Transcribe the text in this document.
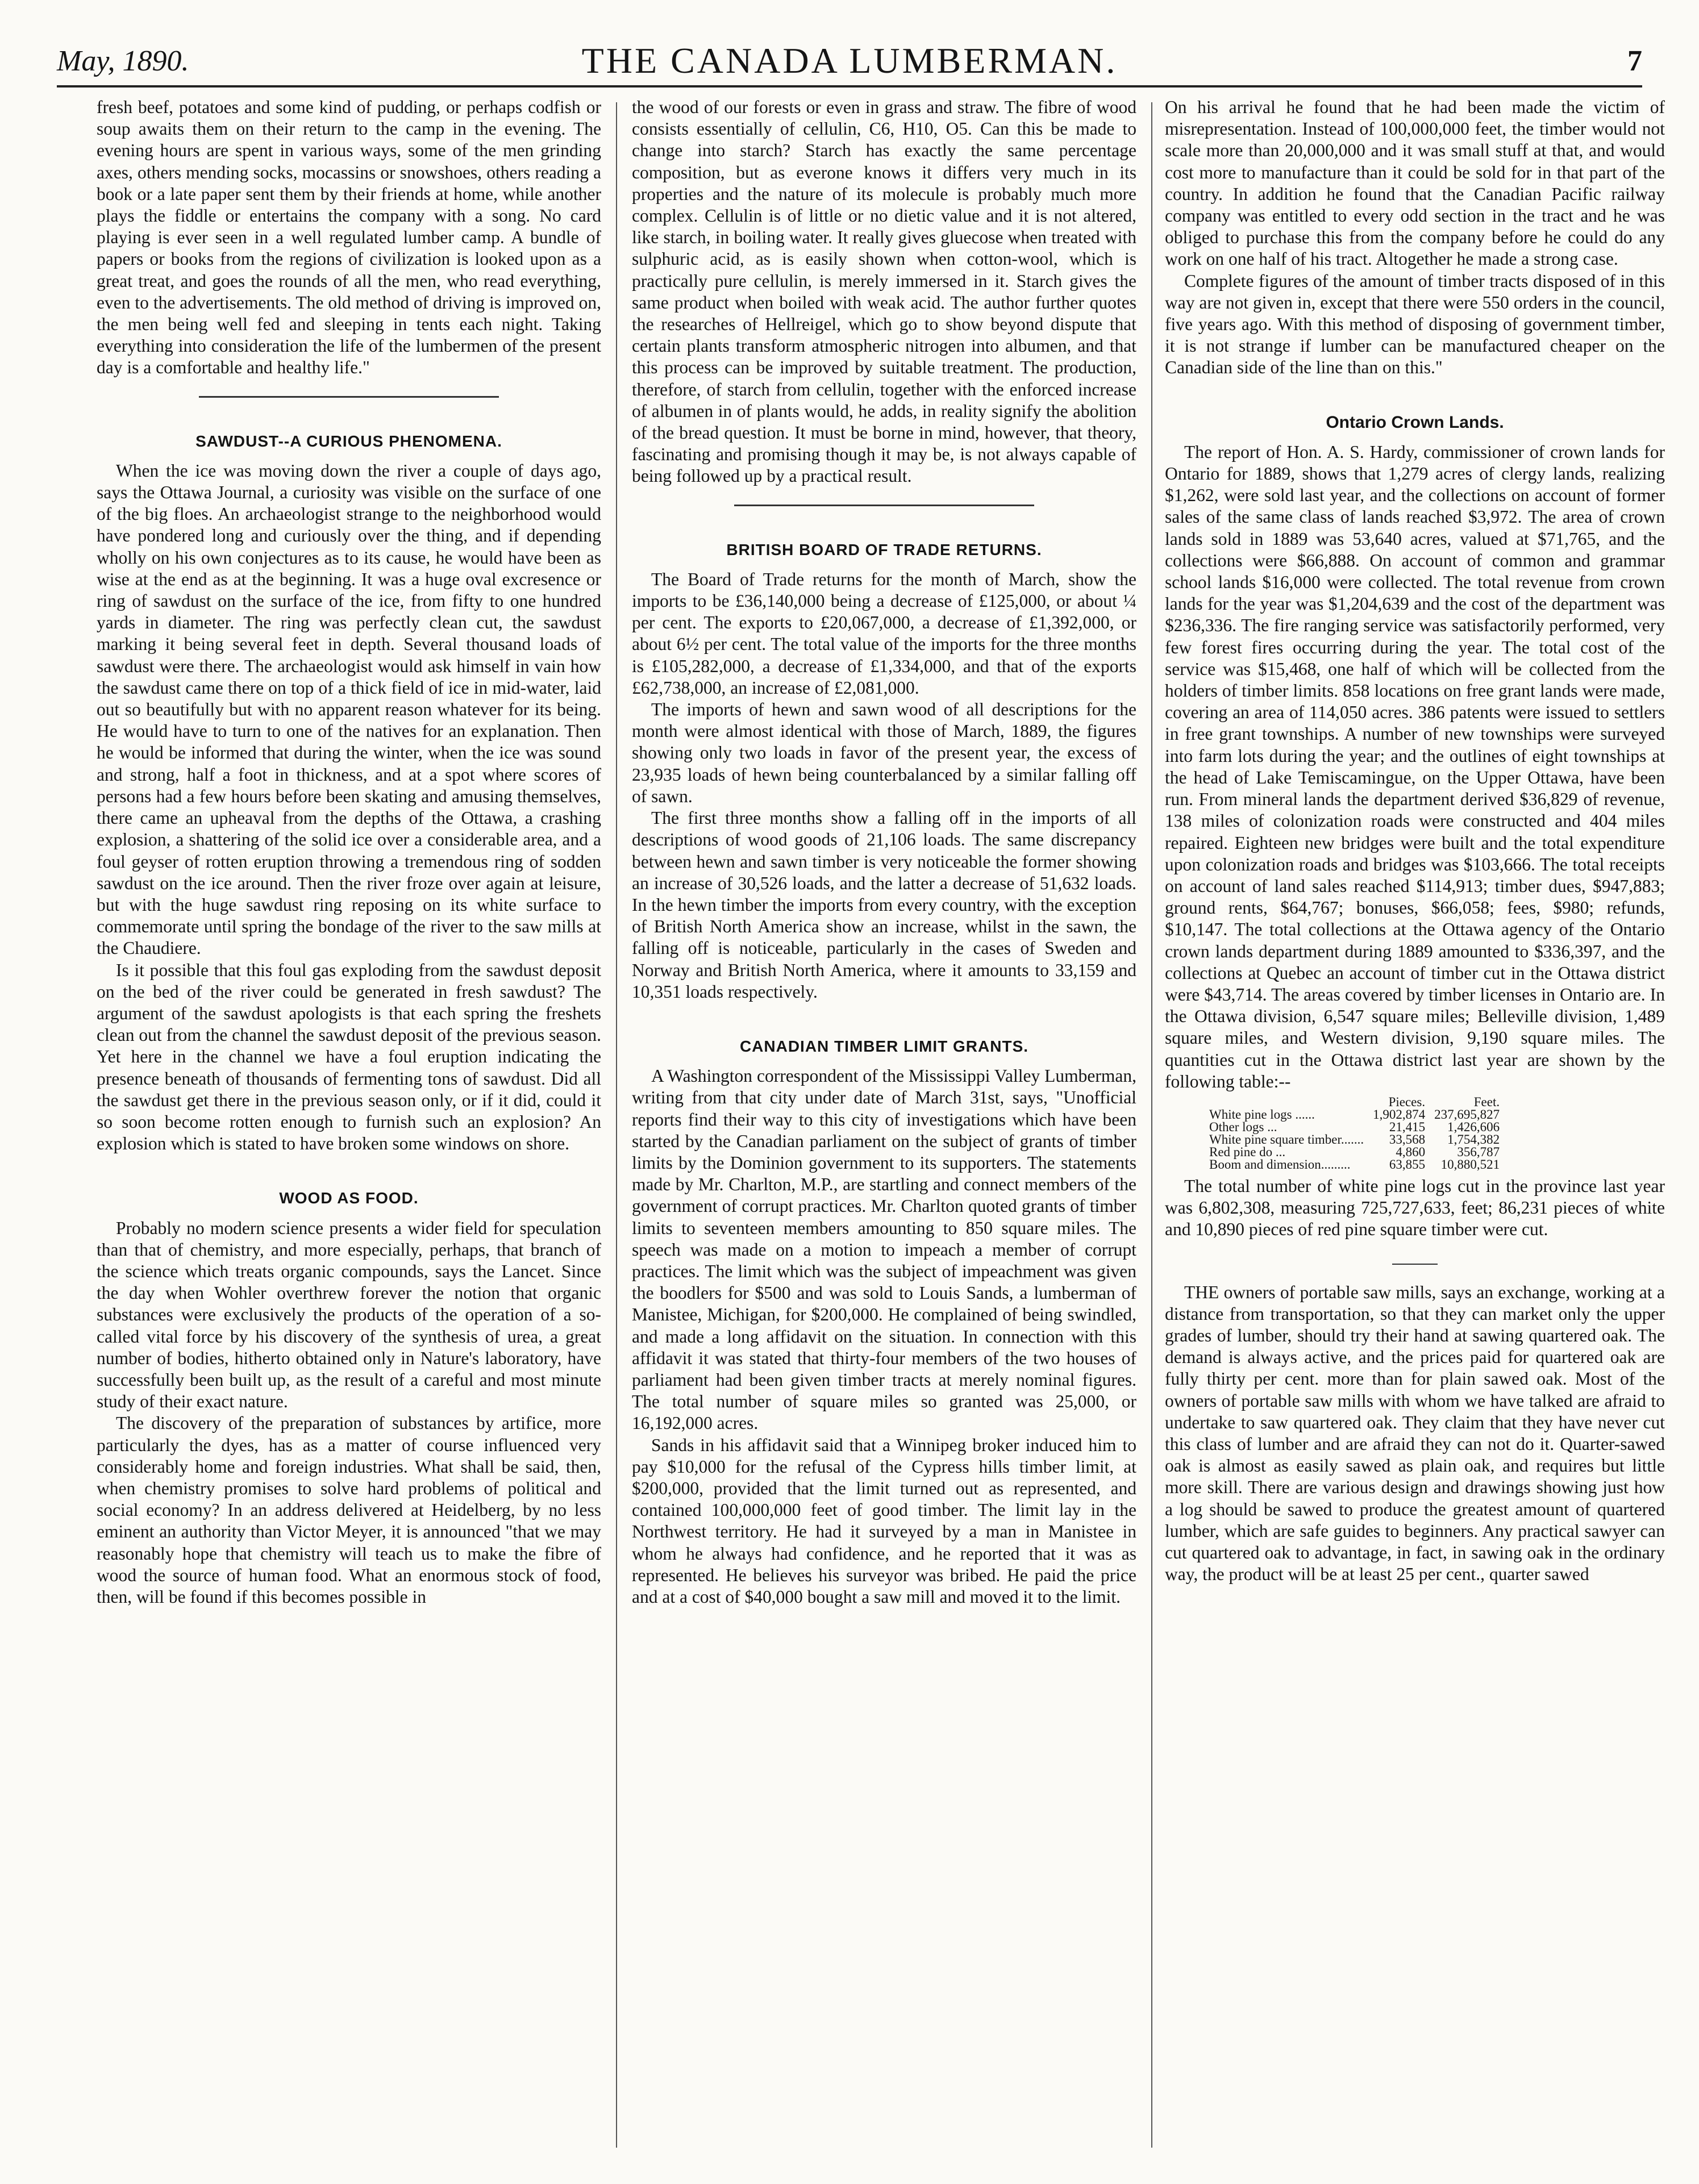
May, 1890.	THE CANADA LUMBERMAN.	7

fresh beef, potatoes and some kind of pudding, or perhaps codfish or soup awaits them on their return to the camp in the evening. The evening hours are spent in various ways, some of the men grinding axes, others mending socks, mocassins or snowshoes, others reading a book or a late paper sent them by their friends at home, while another plays the fiddle or entertains the company with a song. No card playing is ever seen in a well regulated lumber camp. A bundle of papers or books from the regions of civilization is looked upon as a great treat, and goes the rounds of all the men, who read everything, even to the advertisements. The old method of driving is improved on, the men being well fed and sleeping in tents each night. Taking everything into consideration the life of the lumbermen of the present day is a comfortable and healthy life."

SAWDUST--A CURIOUS PHENOMENA.

When the ice was moving down the river a couple of days ago, says the Ottawa Journal, a curiosity was visible on the surface of one of the big floes. An archaeologist strange to the neighborhood would have pondered long and curiously over the thing, and if depending wholly on his own conjectures as to its cause, he would have been as wise at the end as at the beginning. It was a huge oval excresence or ring of sawdust on the surface of the ice, from fifty to one hundred yards in diameter. The ring was perfectly clean cut, the sawdust marking it being several feet in depth. Several thousand loads of sawdust were there. The archaeologist would ask himself in vain how the sawdust came there on top of a thick field of ice in mid-water, laid out so beautifully but with no apparent reason whatever for its being. He would have to turn to one of the natives for an explanation. Then he would be informed that during the winter, when the ice was sound and strong, half a foot in thickness, and at a spot where scores of persons had a few hours before been skating and amusing themselves, there came an upheaval from the depths of the Ottawa, a crashing explosion, a shattering of the solid ice over a considerable area, and a foul geyser of rotten eruption throwing a tremendous ring of sodden sawdust on the ice around. Then the river froze over again at leisure, but with the huge sawdust ring reposing on its white surface to commemorate until spring the bondage of the river to the saw mills at the Chaudiere.

Is it possible that this foul gas exploding from the sawdust deposit on the bed of the river could be generated in fresh sawdust? The argument of the sawdust apologists is that each spring the freshets clean out from the channel the sawdust deposit of the previous season. Yet here in the channel we have a foul eruption indicating the presence beneath of thousands of fermenting tons of sawdust. Did all the sawdust get there in the previous season only, or if it did, could it so soon become rotten enough to furnish such an explosion? An explosion which is stated to have broken some windows on shore.

WOOD AS FOOD.

Probably no modern science presents a wider field for speculation than that of chemistry, and more especially, perhaps, that branch of the science which treats organic compounds, says the Lancet. Since the day when Wohler overthrew forever the notion that organic substances were exclusively the products of the operation of a so-called vital force by his discovery of the synthesis of urea, a great number of bodies, hitherto obtained only in Nature's laboratory, have successfully been built up, as the result of a careful and most minute study of their exact nature.

The discovery of the preparation of substances by artifice, more particularly the dyes, has as a matter of course influenced very considerably home and foreign industries. What shall be said, then, when chemistry promises to solve hard problems of political and social economy? In an address delivered at Heidelberg, by no less eminent an authority than Victor Meyer, it is announced "that we may reasonably hope that chemistry will teach us to make the fibre of wood the source of human food. What an enormous stock of food, then, will be found if this becomes possible in

the wood of our forests or even in grass and straw. The fibre of wood consists essentially of cellulin, C6, H10, O5. Can this be made to change into starch? Starch has exactly the same percentage composition, but as everone knows it differs very much in its properties and the nature of its molecule is probably much more complex. Cellulin is of little or no dietic value and it is not altered, like starch, in boiling water. It really gives gluecose when treated with sulphuric acid, as is easily shown when cotton-wool, which is practically pure cellulin, is merely immersed in it. Starch gives the same product when boiled with weak acid. The author further quotes the researches of Hellreigel, which go to show beyond dispute that certain plants transform atmospheric nitrogen into albumen, and that this process can be improved by suitable treatment. The production, therefore, of starch from cellulin, together with the enforced increase of albumen in of plants would, he adds, in reality signify the abolition of the bread question. It must be borne in mind, however, that theory, fascinating and promising though it may be, is not always capable of being followed up by a practical result.

BRITISH BOARD OF TRADE RETURNS.

The Board of Trade returns for the month of March, show the imports to be £36,140,000 being a decrease of £125,000, or about ¼ per cent. The exports to £20,067,000, a decrease of £1,392,000, or about 6½ per cent. The total value of the imports for the three months is £105,282,000, a decrease of £1,334,000, and that of the exports £62,738,000, an increase of £2,081,000.

The imports of hewn and sawn wood of all descriptions for the month were almost identical with those of March, 1889, the figures showing only two loads in favor of the present year, the excess of 23,935 loads of hewn being counterbalanced by a similar falling off of sawn.

The first three months show a falling off in the imports of all descriptions of wood goods of 21,106 loads. The same discrepancy between hewn and sawn timber is very noticeable the former showing an increase of 30,526 loads, and the latter a decrease of 51,632 loads. In the hewn timber the imports from every country, with the exception of British North America show an increase, whilst in the sawn, the falling off is noticeable, particularly in the cases of Sweden and Norway and British North America, where it amounts to 33,159 and 10,351 loads respectively.

CANADIAN TIMBER LIMIT GRANTS.

A Washington correspondent of the Mississippi Valley Lumberman, writing from that city under date of March 31st, says, "Unofficial reports find their way to this city of investigations which have been started by the Canadian parliament on the subject of grants of timber limits by the Dominion government to its supporters. The statements made by Mr. Charlton, M.P., are startling and connect members of the government of corrupt practices. Mr. Charlton quoted grants of timber limits to seventeen members amounting to 850 square miles. The speech was made on a motion to impeach a member of corrupt practices. The limit which was the subject of impeachment was given the boodlers for $500 and was sold to Louis Sands, a lumberman of Manistee, Michigan, for $200,000. He complained of being swindled, and made a long affidavit on the situation. In connection with this affidavit it was stated that thirty-four members of the two houses of parliament had been given timber tracts at merely nominal figures. The total number of square miles so granted was 25,000, or 16,192,000 acres.

Sands in his affidavit said that a Winnipeg broker induced him to pay $10,000 for the refusal of the Cypress hills timber limit, at $200,000, provided that the limit turned out as represented, and contained 100,000,000 feet of good timber. The limit lay in the Northwest territory. He had it surveyed by a man in Manistee in whom he always had confidence, and he reported that it was as represented. He believes his surveyor was bribed. He paid the price and at a cost of $40,000 bought a saw mill and moved it to the limit.

On his arrival he found that he had been made the victim of misrepresentation. Instead of 100,000,000 feet, the timber would not scale more than 20,000,000 and it was small stuff at that, and would cost more to manufacture than it could be sold for in that part of the country. In addition he found that the Canadian Pacific railway company was entitled to every odd section in the tract and he was obliged to purchase this from the company before he could do any work on one half of his tract. Altogether he made a strong case.

Complete figures of the amount of timber tracts disposed of in this way are not given in, except that there were 550 orders in the council, five years ago. With this method of disposing of government timber, it is not strange if lumber can be manufactured cheaper on the Canadian side of the line than on this."

Ontario Crown Lands.

The report of Hon. A. S. Hardy, commissioner of crown lands for Ontario for 1889, shows that 1,279 acres of clergy lands, realizing $1,262, were sold last year, and the collections on account of former sales of the same class of lands reached $3,972. The area of crown lands sold in 1889 was 53,640 acres, valued at $71,765, and the collections were $66,888. On account of common and grammar school lands $16,000 were collected. The total revenue from crown lands for the year was $1,204,639 and the cost of the department was $236,336. The fire ranging service was satisfactorily performed, very few forest fires occurring during the year. The total cost of the service was $15,468, one half of which will be collected from the holders of timber limits. 858 locations on free grant lands were made, covering an area of 114,050 acres. 386 patents were issued to settlers in free grant townships. A number of new townships were surveyed into farm lots during the year; and the outlines of eight townships at the head of Lake Temiscamingue, on the Upper Ottawa, have been run. From mineral lands the department derived $36,829 of revenue, 138 miles of colonization roads were constructed and 404 miles repaired. Eighteen new bridges were built and the total expenditure upon colonization roads and bridges was $103,666. The total receipts on account of land sales reached $114,913; timber dues, $947,883; ground rents, $64,767; bonuses, $66,058; fees, $980; refunds, $10,147. The total collections at the Ottawa agency of the Ontario crown lands department during 1889 amounted to $336,397, and the collections at Quebec an account of timber cut in the Ottawa district were $43,714. The areas covered by timber licenses in Ontario are. In the Ottawa division, 6,547 square miles; Belleville division, 1,489 square miles, and Western division, 9,190 square miles. The quantities cut in the Ottawa district last year are shown by the following table:--

	Pieces.	Feet.
White pine logs ......	1,902,874	237,695,827
Other logs ...	21,415	1,426,606
White pine square timber.......	33,568	1,754,382
Red pine do ...	4,860	356,787
Boom and dimension.........	63,855	10,880,521

The total number of white pine logs cut in the province last year was 6,802,308, measuring 725,727,633, feet; 86,231 pieces of white and 10,890 pieces of red pine square timber were cut.

THE owners of portable saw mills, says an exchange, working at a distance from transportation, so that they can market only the upper grades of lumber, should try their hand at sawing quartered oak. The demand is always active, and the prices paid for quartered oak are fully thirty per cent. more than for plain sawed oak. Most of the owners of portable saw mills with whom we have talked are afraid to undertake to saw quartered oak. They claim that they have never cut this class of lumber and are afraid they can not do it. Quarter-sawed oak is almost as easily sawed as plain oak, and requires but little more skill. There are various design and drawings showing just how a log should be sawed to produce the greatest amount of quartered lumber, which are safe guides to beginners. Any practical sawyer can cut quartered oak to advantage, in fact, in sawing oak in the ordinary way, the product will be at least 25 per cent., quarter sawed
